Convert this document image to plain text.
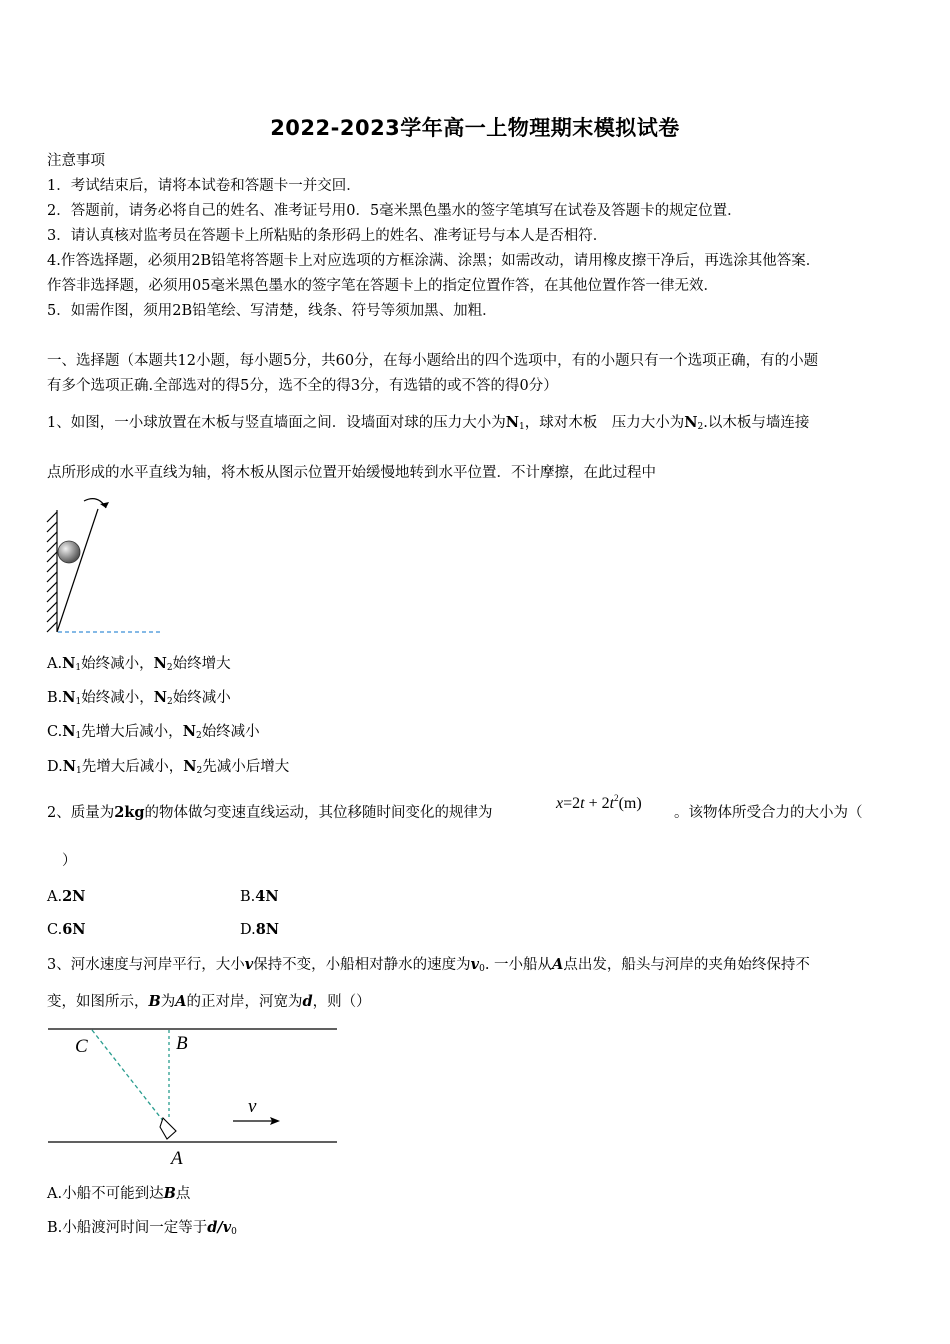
2022-2023学年高一上物理期末模拟试卷
注意事项
1．考试结束后，请将本试卷和答题卡一并交回．
2．答题前，请务必将自己的姓名、准考证号用0．5毫米黑色墨水的签字笔填写在试卷及答题卡的规定位置．
3．请认真核对监考员在答题卡上所粘贴的条形码上的姓名、准考证号与本人是否相符．
4.作答选择题，必须用2B铅笔将答题卡上对应选项的方框涂满、涂黑；如需改动，请用橡皮擦干净后，再选涂其他答案．
作答非选择题，必须用05毫米黑色墨水的签字笔在答题卡上的指定位置作答，在其他位置作答一律无效．
5．如需作图，须用2B铅笔绘、写清楚，线条、符号等须加黑、加粗．
一、选择题（本题共12小题，每小题5分，共60分，在每小题给出的四个选项中，有的小题只有一个选项正确，有的小题
有多个选项正确.全部选对的得5分，选不全的得3分，有选错的或不答的得0分）
1、如图，一小球放置在木板与竖直墙面之间．设墙面对球的压力大小为$N_1$，球对木板　压力大小为$N_2$.以木板与墙连接
点所形成的水平直线为轴，将木板从图示位置开始缓慢地转到水平位置．不计摩擦，在此过程中
$A.N_1$始终减小，$N_2$始终增大
$B.N_1$始终减小，$N_2$始终减小
$C.N_1$先增大后减小，$N_2$始终减小
$D.N_1$先增大后减小，$N_2$先减小后增大
2、质量为2kg的物体做匀变速直线运动，其位移随时间变化的规律为
$x=2t + 2t^2(m)$
。该物体所受合力的大小为（
）
A.2N	B.4N
C.6N	D.8N
3、河水速度与河岸平行，大小v保持不变，小船相对静水的速度为$v_0$. 一小船从A点出发，船头与河岸的夹角始终保持不
变，如图所示，B为A的正对岸，河宽为d，则（）
C	B
v
A
A.小船不可能到达B点
B.小船渡河时间一定等于$d/v_0$
